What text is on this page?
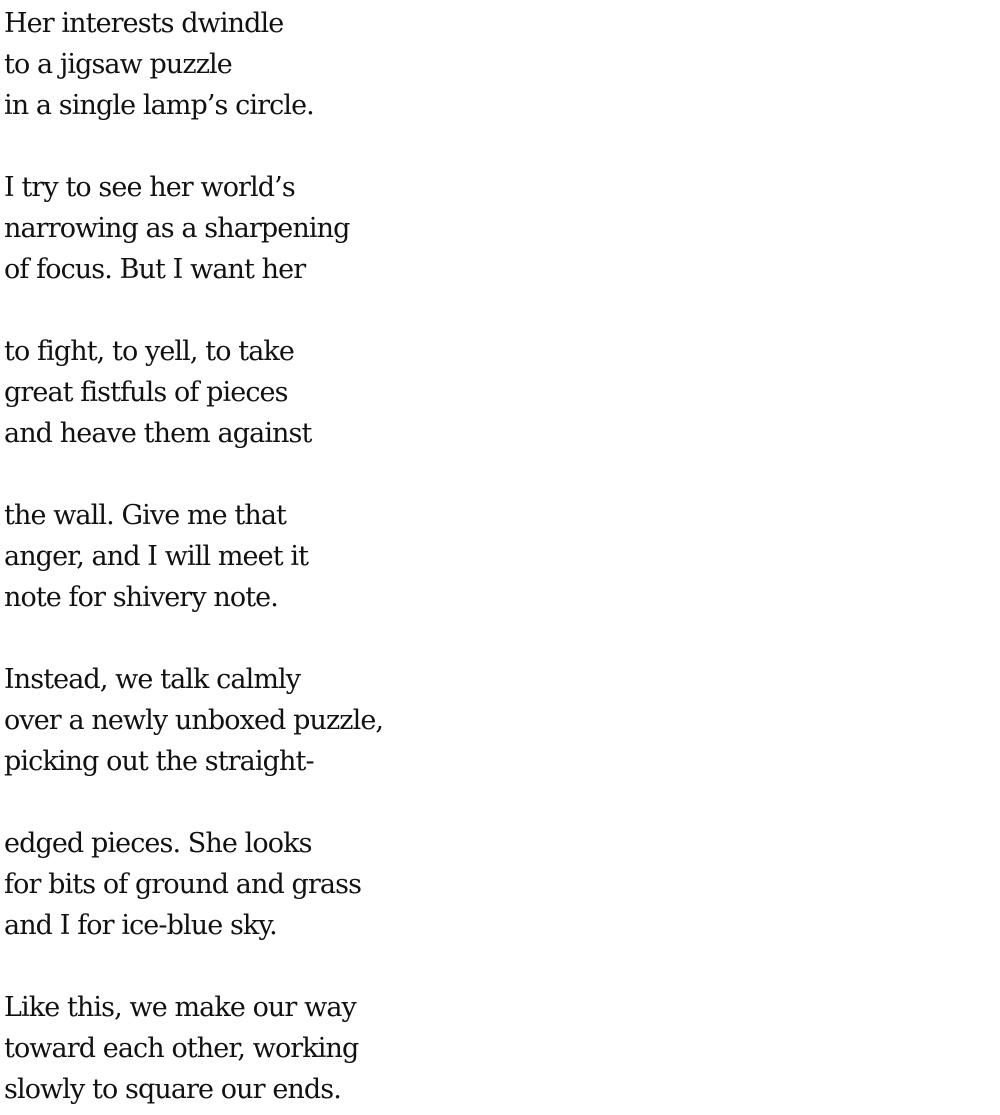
Her interests dwindle
to a jigsaw puzzle
in a single lamp’s circle.
I try to see her world’s
narrowing as a sharpening
of focus. But I want her
to fight, to yell, to take
great fistfuls of pieces
and heave them against
the wall. Give me that
anger, and I will meet it
note for shivery note.
Instead, we talk calmly
over a newly unboxed puzzle,
picking out the straight-
edged pieces. She looks
for bits of ground and grass
and I for ice-blue sky.
Like this, we make our way
toward each other, working
slowly to square our ends.
